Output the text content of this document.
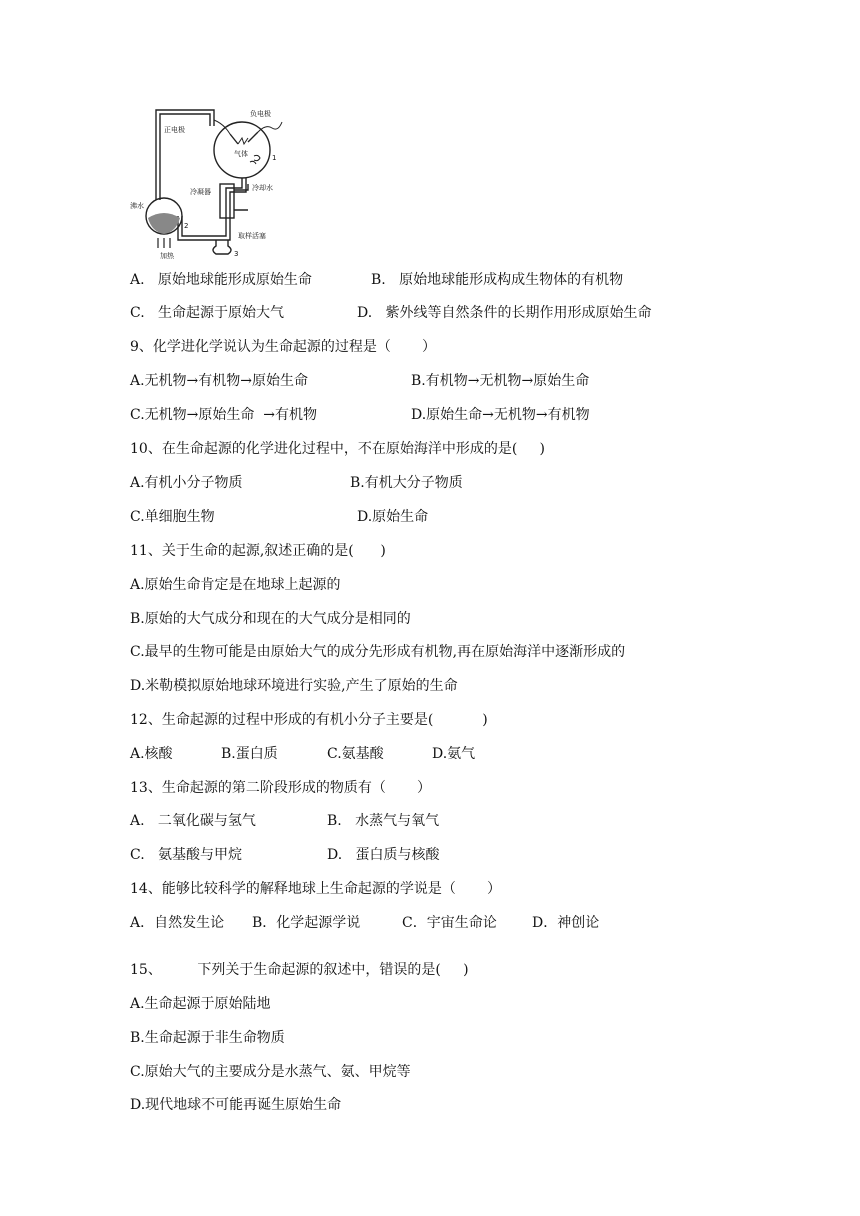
负电极
正电极
气体	1
冷凝器	冷却水
沸水
2
加热
取样活塞
3
A.   原始地球能形成原始生命	B.   原始地球能形成构成生物体的有机物
C.   生命起源于原始大气	D.   紫外线等自然条件的长期作用形成原始生命
9、化学进化学说认为生命起源的过程是（       ）
A.无机物→有机物→原始生命	B.有机物→无机物→原始生命
C.无机物→原始生命  →有机物	D.原始生命→无机物→有机物
10、在生命起源的化学进化过程中，不在原始海洋中形成的是(     )
A.有机小分子物质	B.有机大分子物质
C.单细胞生物	D.原始生命
11、关于生命的起源,叙述正确的是(      )
A.原始生命肯定是在地球上起源的
B.原始的大气成分和现在的大气成分是相同的
C.最早的生物可能是由原始大气的成分先形成有机物,再在原始海洋中逐渐形成的
D.米勒模拟原始地球环境进行实验,产生了原始的生命
12、生命起源的过程中形成的有机小分子主要是(           )
A.核酸	B.蛋白质	C.氨基酸	D.氨气
13、生命起源的第二阶段形成的物质有（       ）
A.   二氧化碳与氢气	B.   水蒸气与氧气
C.   氨基酸与甲烷	D.   蛋白质与核酸
14、能够比较科学的解释地球上生命起源的学说是（       ）
A．自然发生论 B．化学起源学说	C．宇宙生命论	D．神创论
15、        下列关于生命起源的叙述中，错误的是(     )
A.生命起源于原始陆地
B.生命起源于非生命物质
C.原始大气的主要成分是水蒸气、氨、甲烷等
D.现代地球不可能再诞生原始生命
